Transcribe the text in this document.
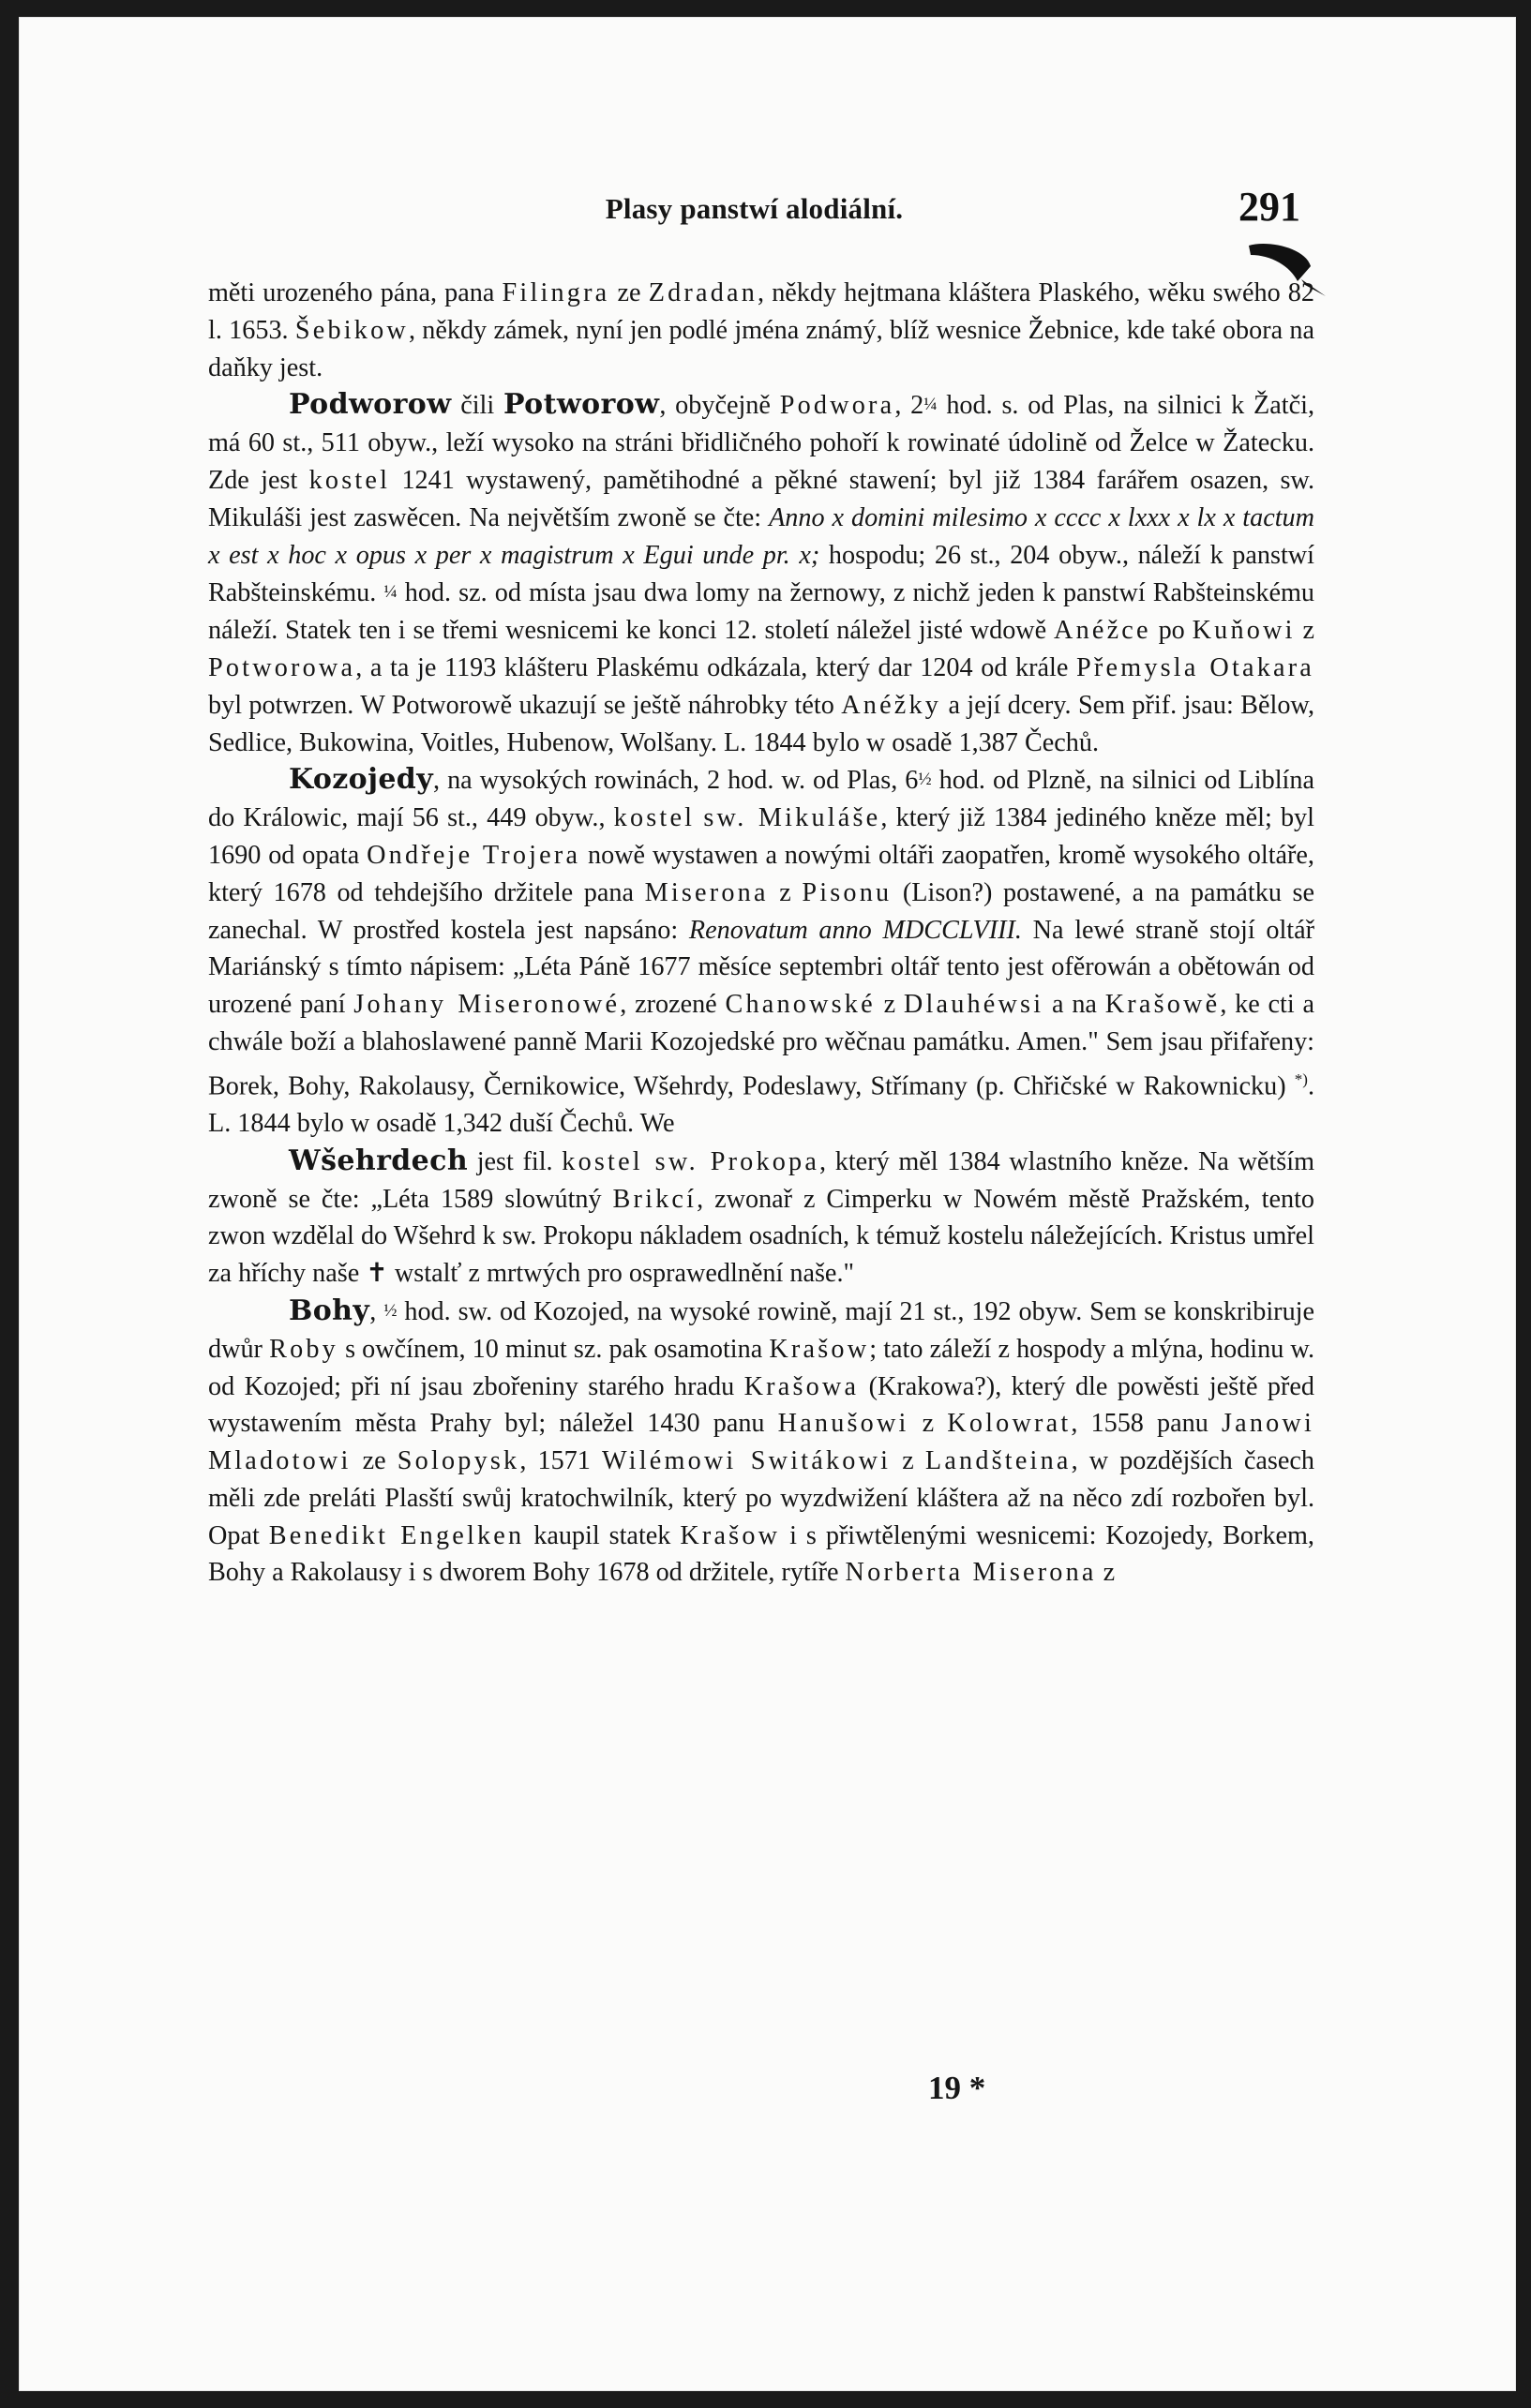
Plasy panstwí alodiální.	291

měti urozeného pána, pana Filingra ze Zdradan, někdy hejtmana kláštera Plaského, wěku swého 82 l. 1653. Šebikow, někdy zámek, nyní jen podlé jména známý, blíž wesnice Žebnice, kde také obora na daňky jest.

Podworow čili Potworow, obyčejně Podwora, 2¼ hod. s. od Plas, na silnici k Žatči, má 60 st., 511 obyw., leží wysoko na stráni břidličného pohoří k rowinaté údolině od Želce w Žatecku. Zde jest kostel 1241 wystawený, pamětihodné a pěkné stawení; byl již 1384 farářem osazen, sw. Mikuláši jest zaswěcen. Na největším zwoně se čte: Anno x domini milesimo x cccc x lxxx x lx x tactum x est x hoc x opus x per x magistrum x Egui unde pr. x; hospodu; 26 st., 204 obyw., náleží k panstwí Rabšteinskému. ¼ hod. sz. od místa jsau dwa lomy na žernowy, z nichž jeden k panstwí Rabšteinskému náleží. Statek ten i se třemi wesnicemi ke konci 12. století náležel jisté wdowě Anéžce po Kuňowi z Potworowa, a ta je 1193 klášteru Plaskému odkázala, který dar 1204 od krále Přemysla Otakara byl potwrzen. W Potworowě ukazují se ještě náhrobky této Anéžky a její dcery. Sem přif. jsau: Bělow, Sedlice, Bukowina, Voitles, Hubenow, Wolšany. L. 1844 bylo w osadě 1,387 Čechů.

Kozojedy, na wysokých rowinách, 2 hod. w. od Plas, 6½ hod. od Plzně, na silnici od Liblína do Králowic, mají 56 st., 449 obyw., kostel sw. Mikuláše, který již 1384 jediného kněze měl; byl 1690 od opata Ondřeje Trojera nowě wystawen a nowými oltáři zaopatřen, kromě wysokého oltáře, který 1678 od tehdejšího držitele pana Miserona z Pisonu (Lison?) postawené, a na památku se zanechal. W prostřed kostela jest napsáno: Renovatum anno MDCCLVIII. Na lewé straně stojí oltář Mariánský s tímto nápisem: „Léta Páně 1677 měsíce septembri oltář tento jest ofěrowán a obětowán od urozené paní Johany Miseronowé, zrozené Chanowské z Dlauhéwsi a na Krašowě, ke cti a chwále boží a blahoslawené panně Marii Kozojedské pro wěčnau památku. Amen." Sem jsau přifařeny: Borek, Bohy, Rakolausy, Černikowice, Wšehrdy, Podeslawy, Střímany (p. Chřičské w Rakownicku) *). L. 1844 bylo w osadě 1,342 duší Čechů. We

Wšehrdech jest fil. kostel sw. Prokopa, který měl 1384 wlastního kněze. Na wětším zwoně se čte: „Léta 1589 slowútný Brikcí, zwonař z Cimperku w Nowém městě Pražském, tento zwon wzdělal do Wšehrd k sw. Prokopu nákladem osadních, k témuž kostelu náležejících. Kristus umřel za hříchy naše ✝ wstalť z mrtwých pro osprawedlnění naše."

Bohy, ½ hod. sw. od Kozojed, na wysoké rowině, mají 21 st., 192 obyw. Sem se konskribiruje dwůr Roby s owčínem, 10 minut sz. pak osamotina Krašow; tato záleží z hospody a mlýna, hodinu w. od Kozojed; při ní jsau zbořeniny starého hradu Krašowa (Krakowa?), který dle powěsti ještě před wystawením města Prahy byl; náležel 1430 panu Hanušowi z Kolowrat, 1558 panu Janowi Mladotowi ze Solopysk, 1571 Wilémowi Switákowi z Landšteina, w pozdějších časech měli zde preláti Plasští swůj kratochwilník, který po wyzdwižení kláštera až na něco zdí rozbořen byl. Opat Benedikt Engelken kaupil statek Krašow i s přiwtělenými wesnicemi: Kozojedy, Borkem, Bohy a Rakolausy i s dworem Bohy 1678 od držitele, rytíře Norberta Miserona z

19 *
